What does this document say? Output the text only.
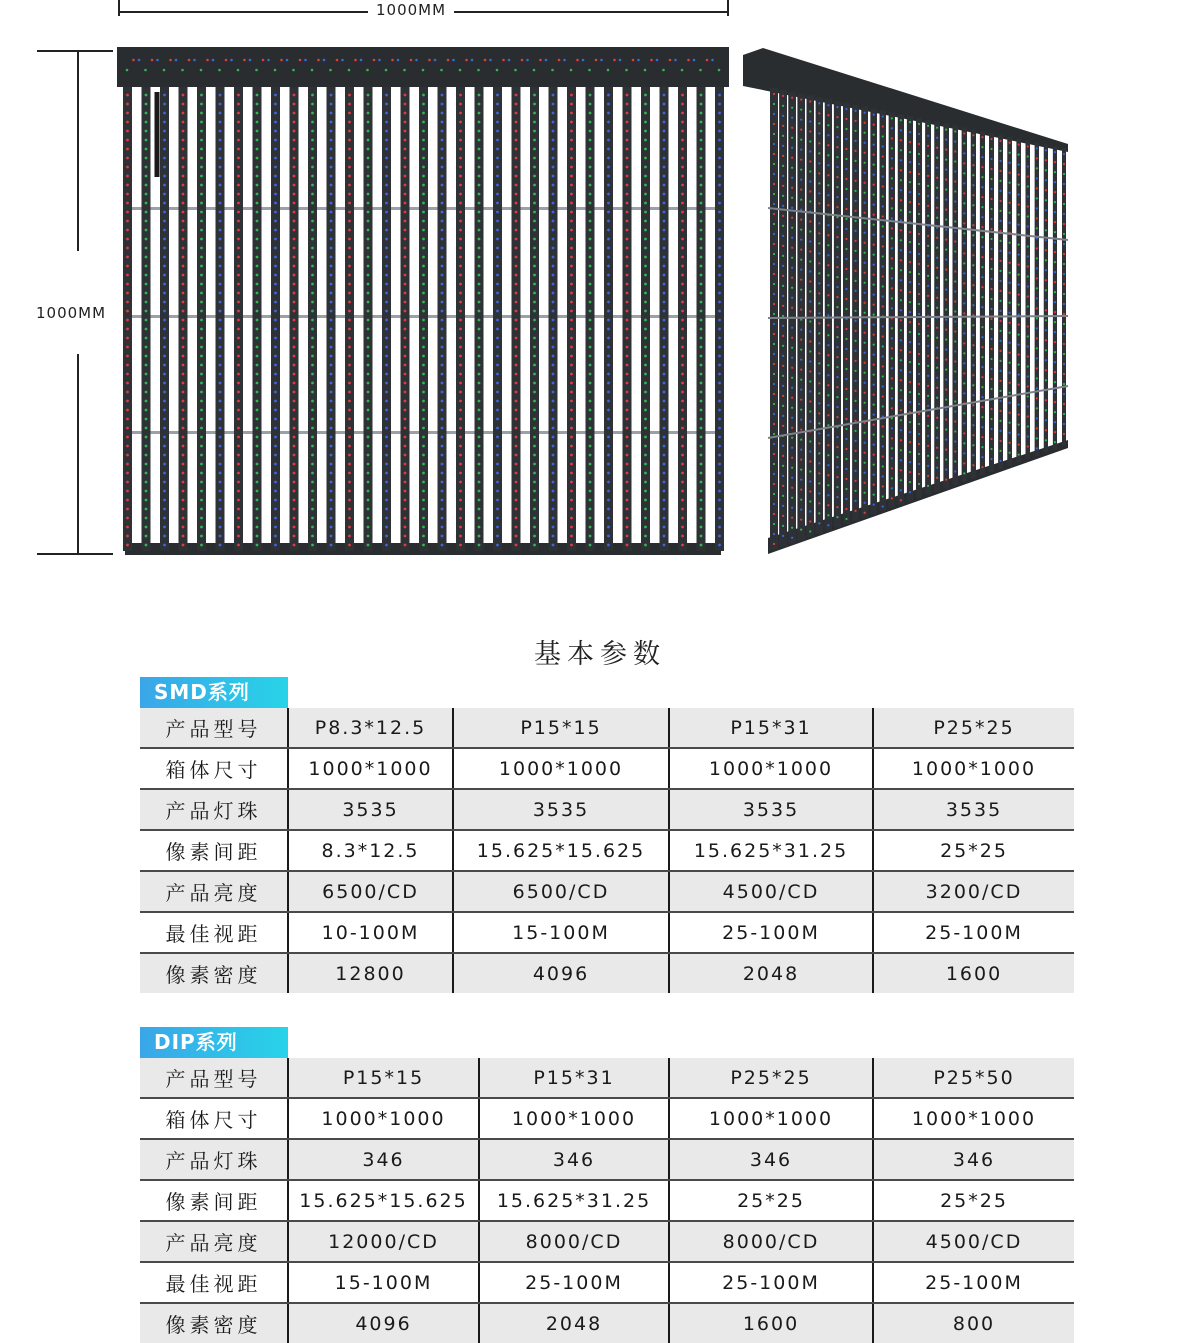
1000MM
1000MM
基本参数
SMD系列
产品型号	P8.3*12.5	P15*15	P15*31	P25*25
箱体尺寸	1000*1000	1000*1000	1000*1000	1000*1000
产品灯珠	3535	3535	3535	3535
像素间距	8.3*12.5	15.625*15.625	15.625*31.25	25*25
产品亮度	6500/CD	6500/CD	4500/CD	3200/CD
最佳视距	10-100M	15-100M	25-100M	25-100M
像素密度	12800	4096	2048	1600
DIP系列
产品型号	P15*15	P15*31	P25*25	P25*50
箱体尺寸	1000*1000	1000*1000	1000*1000	1000*1000
产品灯珠	346	346	346	346
像素间距	15.625*15.625	15.625*31.25	25*25	25*25
产品亮度	12000/CD	8000/CD	8000/CD	4500/CD
最佳视距	15-100M	25-100M	25-100M	25-100M
像素密度	4096	2048	1600	800
